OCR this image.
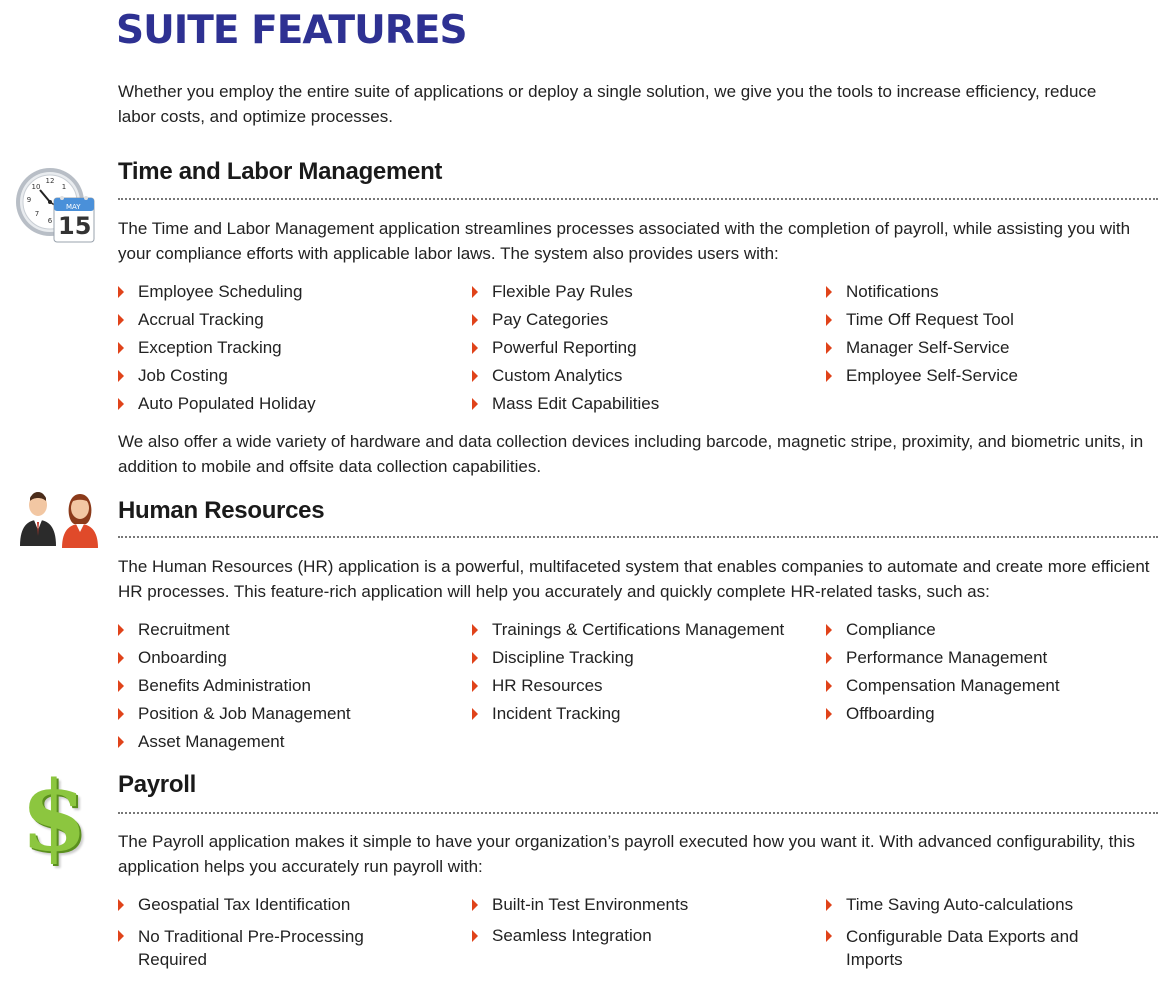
SUITE FEATURES

Whether you employ the entire suite of applications or deploy a single solution, we give you the tools to increase efficiency, reduce labor costs, and optimize processes.

12
9
10	1
7
6
MAY
15
Time and Labor Management

The Time and Labor Management application streamlines processes associated with the completion of payroll, while assisting you with your compliance efforts with applicable labor laws. The system also provides users with:

Employee Scheduling
Accrual Tracking
Exception Tracking
Job Costing
Auto Populated Holiday
Flexible Pay Rules
Pay Categories
Powerful Reporting
Custom Analytics
Mass Edit Capabilities
Notifications
Time Off Request Tool
Manager Self-Service
Employee Self-Service

We also offer a wide variety of hardware and data collection devices including barcode, magnetic stripe, proximity, and biometric units, in addition to mobile and offsite data collection capabilities.

Human Resources

The Human Resources (HR) application is a powerful, multifaceted system that enables companies to automate and create more efficient HR processes. This feature-rich application will help you accurately and quickly complete HR-related tasks, such as:

Recruitment
Onboarding
Benefits Administration
Position & Job Management
Asset Management
Trainings & Certifications Management
Discipline Tracking
HR Resources
Incident Tracking
Compliance
Performance Management
Compensation Management
Offboarding
$ Payroll

The Payroll application makes it simple to have your organization’s payroll executed how you want it. With advanced configurability, this application helps you accurately run payroll with:

Geospatial Tax Identification
No Traditional Pre-Processing Required
Built-in Test Environments
Seamless Integration
Time Saving Auto-calculations
Configurable Data Exports and Imports
